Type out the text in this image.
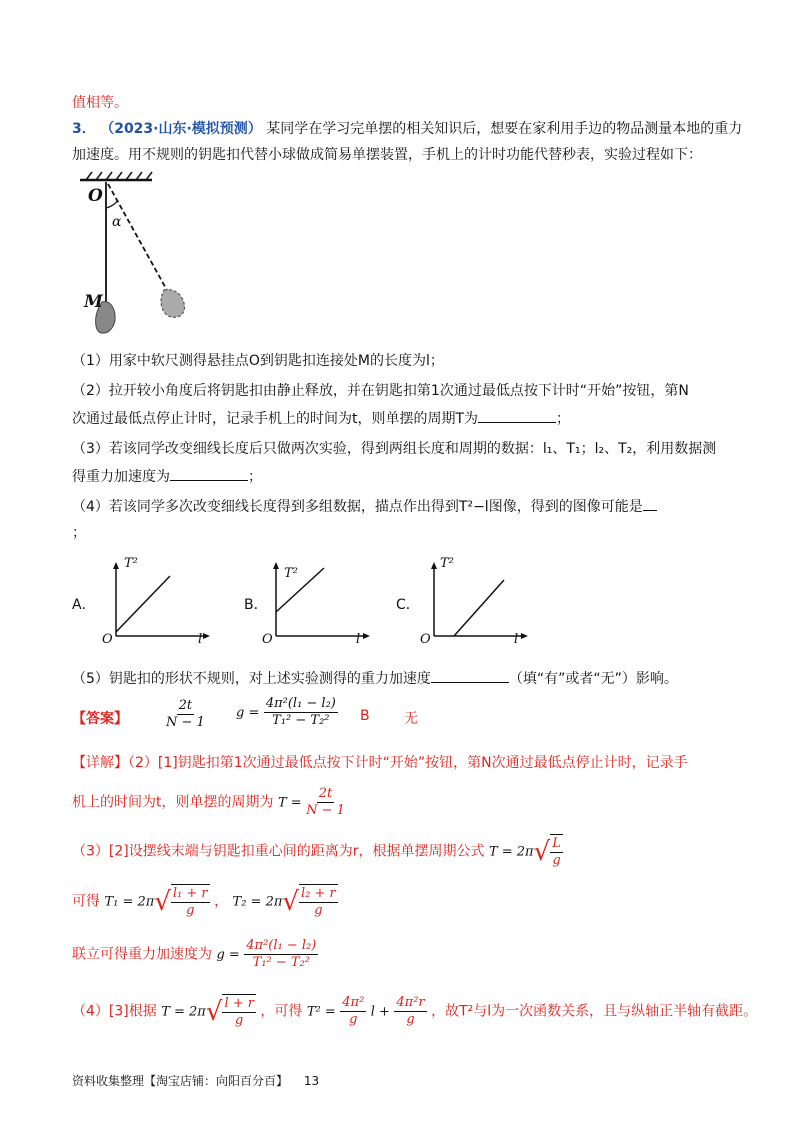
值相等。
3． （2023·山东·模拟预测） 某同学在学习完单摆的相关知识后，想要在家利用手边的物品测量本地的重力
加速度。用不规则的钥匙扣代替小球做成简易单摆装置，手机上的计时功能代替秒表，实验过程如下：
O
α
M
（1）用家中软尺测得悬挂点O到钥匙扣连接处M的长度为l；
（2）拉开较小角度后将钥匙扣由静止释放，并在钥匙扣第1次通过最低点按下计时“开始”按钮，第N
次通过最低点停止计时，记录手机上的时间为t，则单摆的周期T为	；
（3）若该同学改变细线长度后只做两次实验，得到两组长度和周期的数据：l₁、T₁；l₂、T₂，利用数据测
得重力加速度为	；
（4）若该同学多次改变细线长度得到多组数据，描点作出得到T²−l图像，得到的图像可能是
；
A．
T²
l
O
B．
T²
l
O
C．
T²
l
O
（5）钥匙扣的形状不规则，对上述实验测得的重力加速度	（填“有”或者“无”）影响。
【答案】	$\frac{2t}{N - 1}$ $g = \frac{\text{4π²(l₁ − l₂)}}{\text{T₁² − T₂²}}$ B 无
【详解】（2）[1]钥匙扣第1次通过最低点按下计时“开始”按钮，第N次通过最低点停止计时，记录手
机上的时间为t，则单摆的周期为 $T = \frac{2t}{N - 1}$
（3）[2]设摆线末端与钥匙扣重心间的距离为r，根据单摆周期公式 T = 2π √ $\frac{L}{g}$
可得 T₁ = 2π √ $\frac{\text{l₁ + r}}{g}$ ， T₂ = 2π √ $\frac{\text{l₂ + r}}{g}$
联立可得重力加速度为 $g = \frac{\text{4π²(l₁ − l₂)}}{\text{T₁² − T₂²}}$
（4）[3]根据 T = 2π √ $\frac{l + r}{g}$ ，可得 $T^2 = \frac{\text{4π²}}{g}$ $l + \frac{\text{4π²r}}{g}$ ，故T²与l为一次函数关系，且与纵轴正半轴有截距。
资料收集整理【淘宝店铺：向阳百分百】 13
